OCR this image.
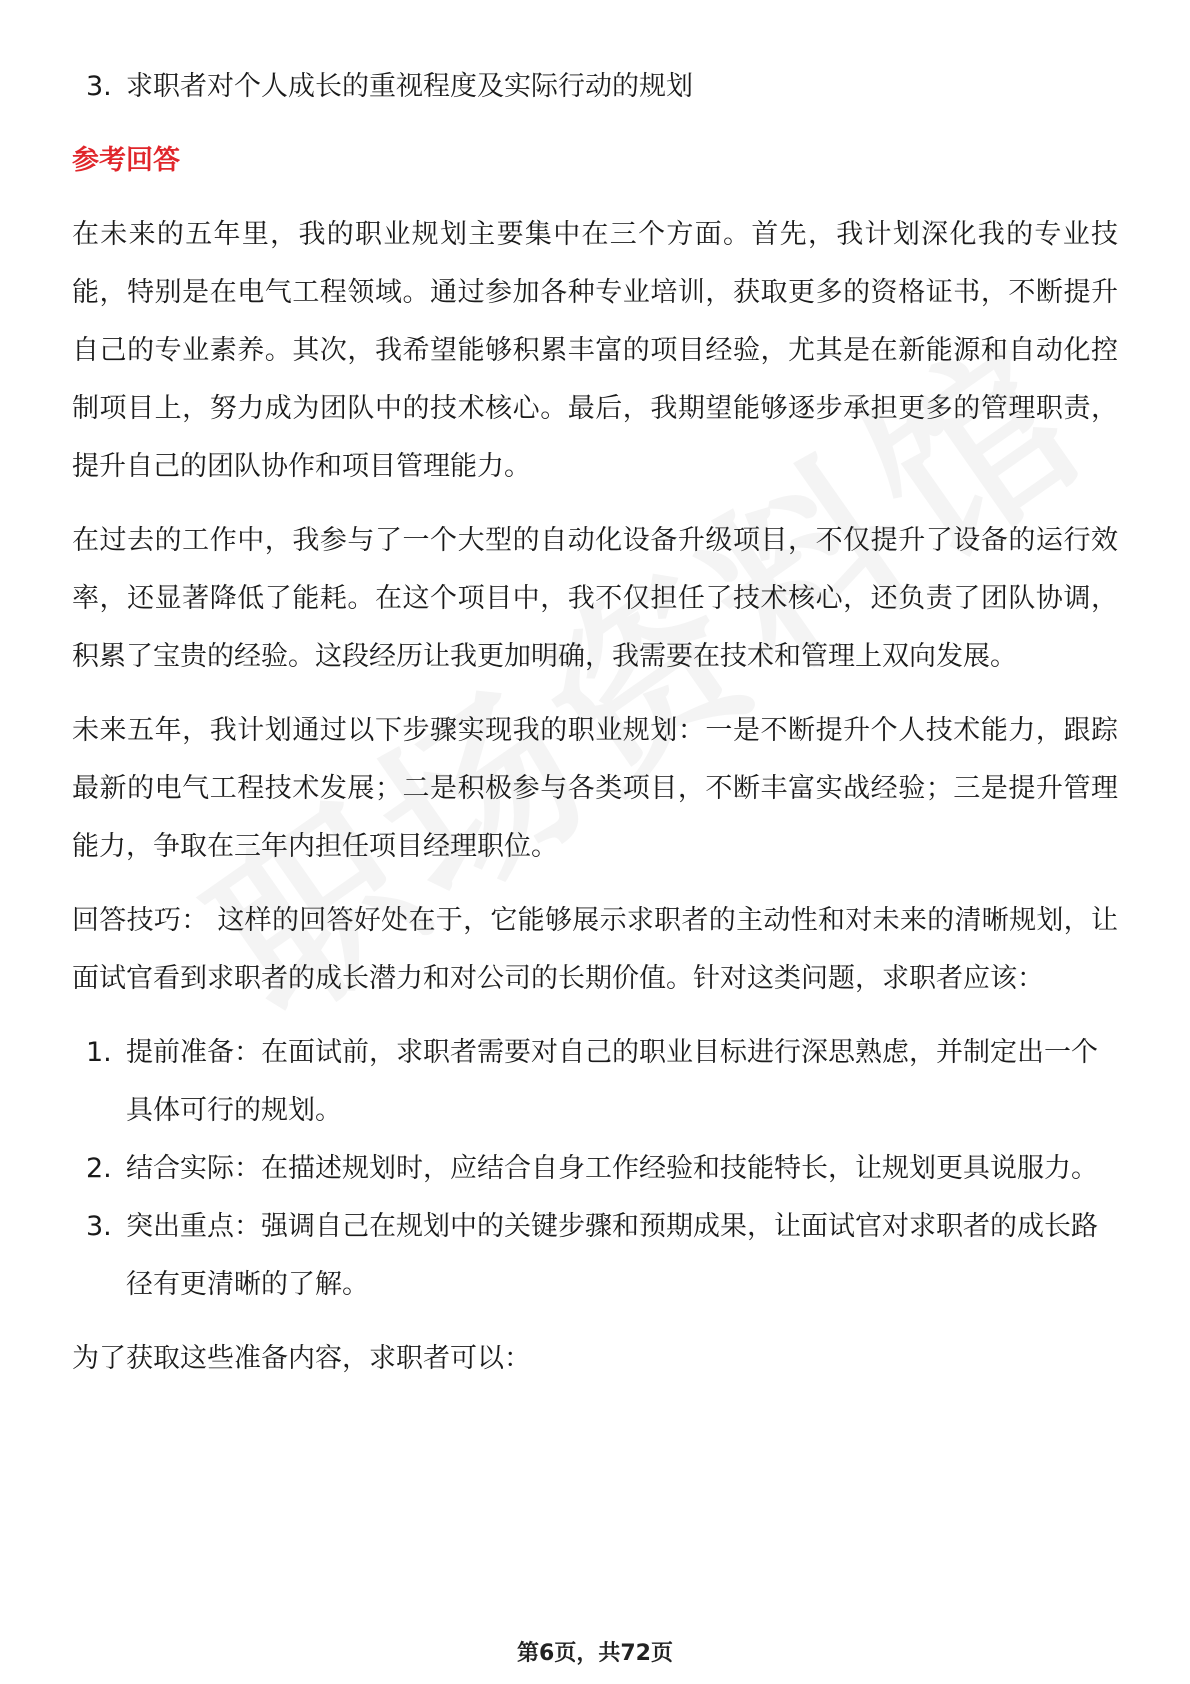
3. 求职者对个人成长的重视程度及实际行动的规划
参考回答
在未来的五年里，我的职业规划主要集中在三个方面。首先，我计划深化我的专业技能，特别是在电气工程领域。通过参加各种专业培训，获取更多的资格证书，不断提升自己的专业素养。其次，我希望能够积累丰富的项目经验，尤其是在新能源和自动化控制项目上，努力成为团队中的技术核心。最后，我期望能够逐步承担更多的管理职责，提升自己的团队协作和项目管理能力。
在过去的工作中，我参与了一个大型的自动化设备升级项目，不仅提升了设备的运行效率，还显著降低了能耗。在这个项目中，我不仅担任了技术核心，还负责了团队协调，积累了宝贵的经验。这段经历让我更加明确，我需要在技术和管理上双向发展。
未来五年，我计划通过以下步骤实现我的职业规划：一是不断提升个人技术能力，跟踪最新的电气工程技术发展；二是积极参与各类项目，不断丰富实战经验；三是提升管理能力，争取在三年内担任项目经理职位。
回答技巧： 这样的回答好处在于，它能够展示求职者的主动性和对未来的清晰规划，让面试官看到求职者的成长潜力和对公司的长期价值。针对这类问题，求职者应该：
1. 提前准备：在面试前，求职者需要对自己的职业目标进行深思熟虑，并制定出一个具体可行的规划。
2. 结合实际：在描述规划时，应结合自身工作经验和技能特长，让规划更具说服力。
3. 突出重点：强调自己在规划中的关键步骤和预期成果，让面试官对求职者的成长路径有更清晰的了解。
为了获取这些准备内容，求职者可以：
第6页，共72页
